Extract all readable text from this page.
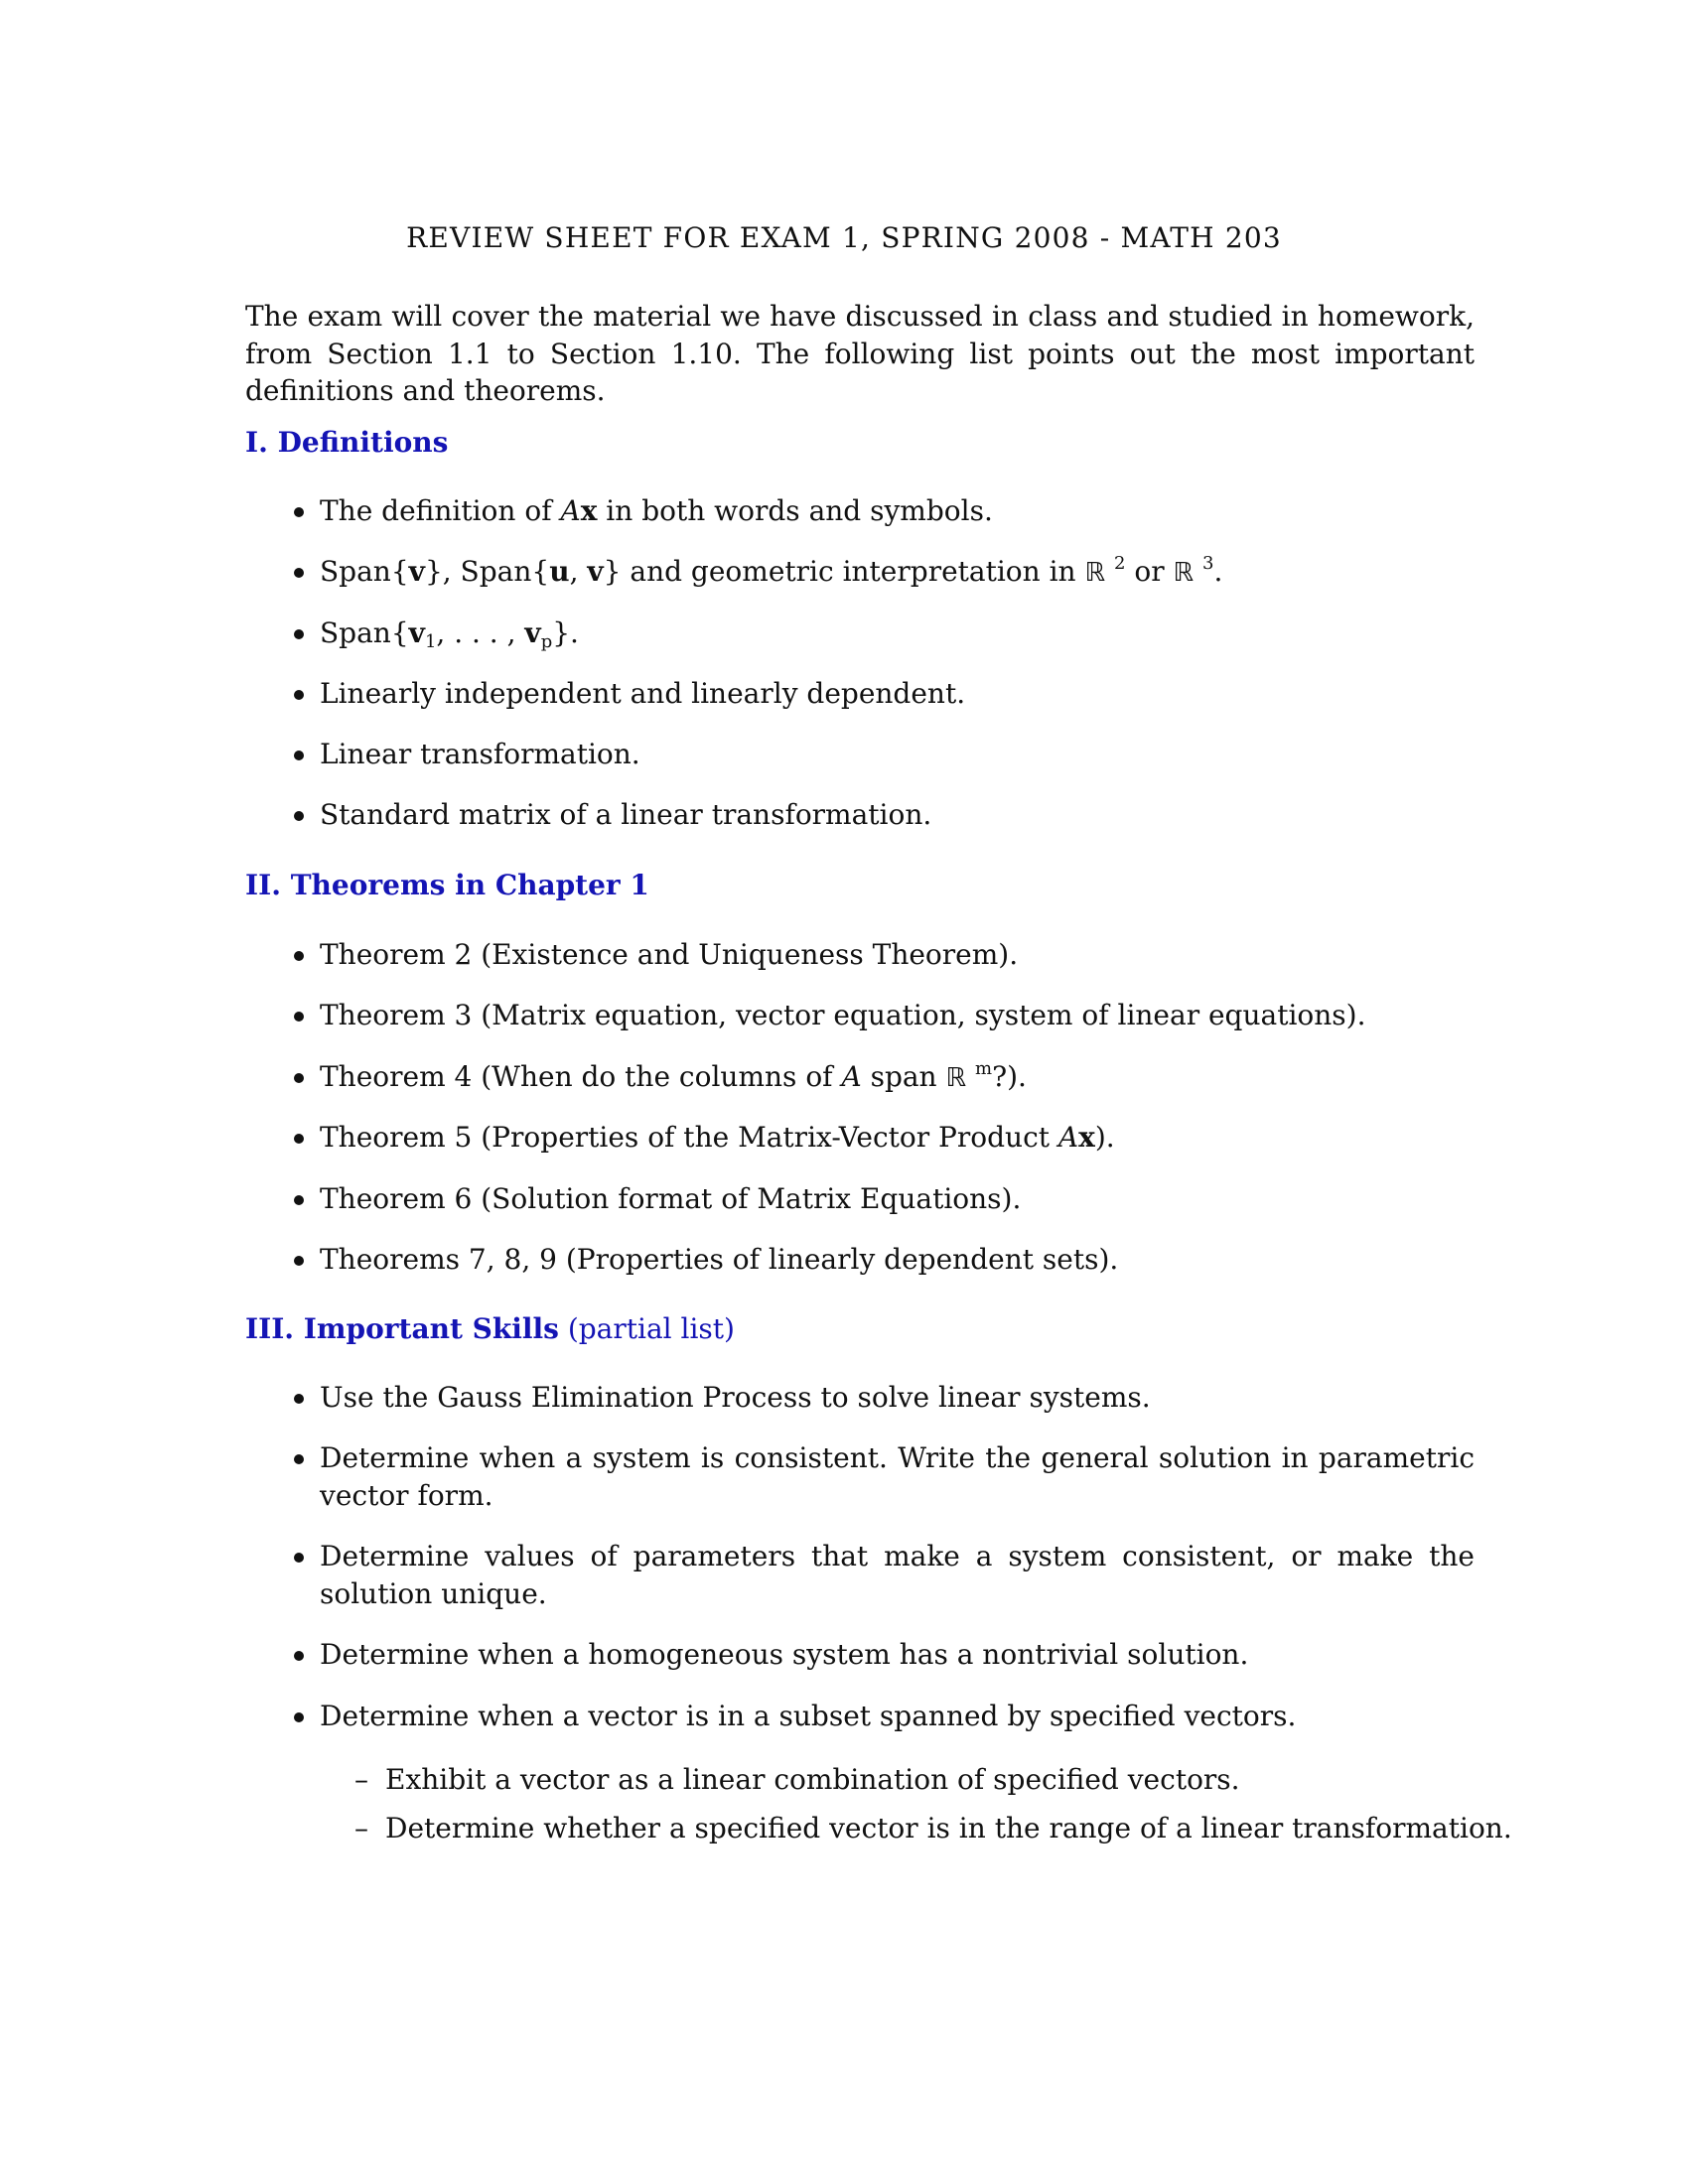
REVIEW SHEET FOR EXAM 1, SPRING 2008 - MATH 203
The exam will cover the material we have discussed in class and studied in homework, from Section 1.1 to Section 1.10. The following list points out the most important definitions and theorems.
I. Definitions
The definition of Ax in both words and symbols.
Span{v}, Span{u, v} and geometric interpretation in ℝ $^2$ or ℝ $^3$.
$Span\{v_1$, . . . , $v_p$}.
Linearly independent and linearly dependent.
Linear transformation.
Standard matrix of a linear transformation.
II. Theorems in Chapter 1
Theorem 2 (Existence and Uniqueness Theorem).
Theorem 3 (Matrix equation, vector equation, system of linear equations).
Theorem 4 (When do the columns of A span ℝ $^m$?).
Theorem 5 (Properties of the Matrix-Vector Product Ax).
Theorem 6 (Solution format of Matrix Equations).
Theorems 7, 8, 9 (Properties of linearly dependent sets).
III. Important Skills (partial list)
Use the Gauss Elimination Process to solve linear systems.
Determine when a system is consistent. Write the general solution in parametric vector form.
Determine values of parameters that make a system consistent, or make the solution unique.
Determine when a homogeneous system has a nontrivial solution.
Determine when a vector is in a subset spanned by specified vectors.
– Exhibit a vector as a linear combination of specified vectors.
– Determine whether a specified vector is in the range of a linear transformation.
